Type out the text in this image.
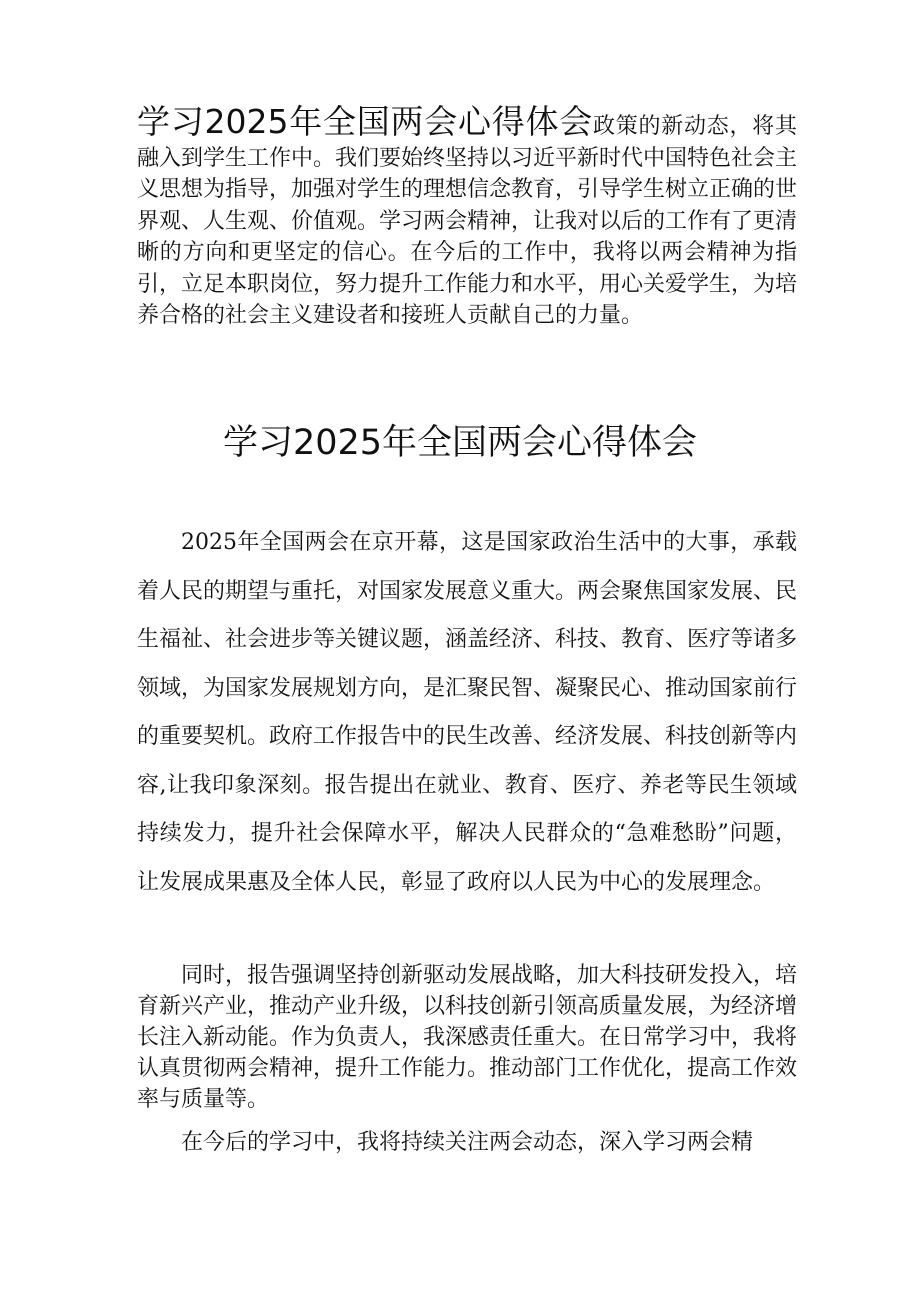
学习2025年全国两会心得体会政策的新动态，将其融入到学生工作中。我们要始终坚持以习近平新时代中国特色社会主义思想为指导，加强对学生的理想信念教育，引导学生树立正确的世界观、人生观、价值观。学习两会精神，让我对以后的工作有了更清晰的方向和更坚定的信心。在今后的工作中，我将以两会精神为指引，立足本职岗位，努力提升工作能力和水平，用心关爱学生，为培养合格的社会主义建设者和接班人贡献自己的力量。
学习2025年全国两会心得体会

2025年全国两会在京开幕，这是国家政治生活中的大事，承载着人民的期望与重托，对国家发展意义重大。两会聚焦国家发展、民生福祉、社会进步等关键议题，涵盖经济、科技、教育、医疗等诸多领域，为国家发展规划方向，是汇聚民智、凝聚民心、推动国家前行的重要契机。政府工作报告中的民生改善、经济发展、科技创新等内容,让我印象深刻。报告提出在就业、教育、医疗、养老等民生领域持续发力，提升社会保障水平，解决人民群众的“急难愁盼”问题，让发展成果惠及全体人民，彰显了政府以人民为中心的发展理念。

同时，报告强调坚持创新驱动发展战略，加大科技研发投入，培育新兴产业，推动产业升级，以科技创新引领高质量发展，为经济增长注入新动能。作为负责人，我深感责任重大。在日常学习中，我将认真贯彻两会精神，提升工作能力。推动部门工作优化，提高工作效率与质量等。

在今后的学习中，我将持续关注两会动态，深入学习两会精
